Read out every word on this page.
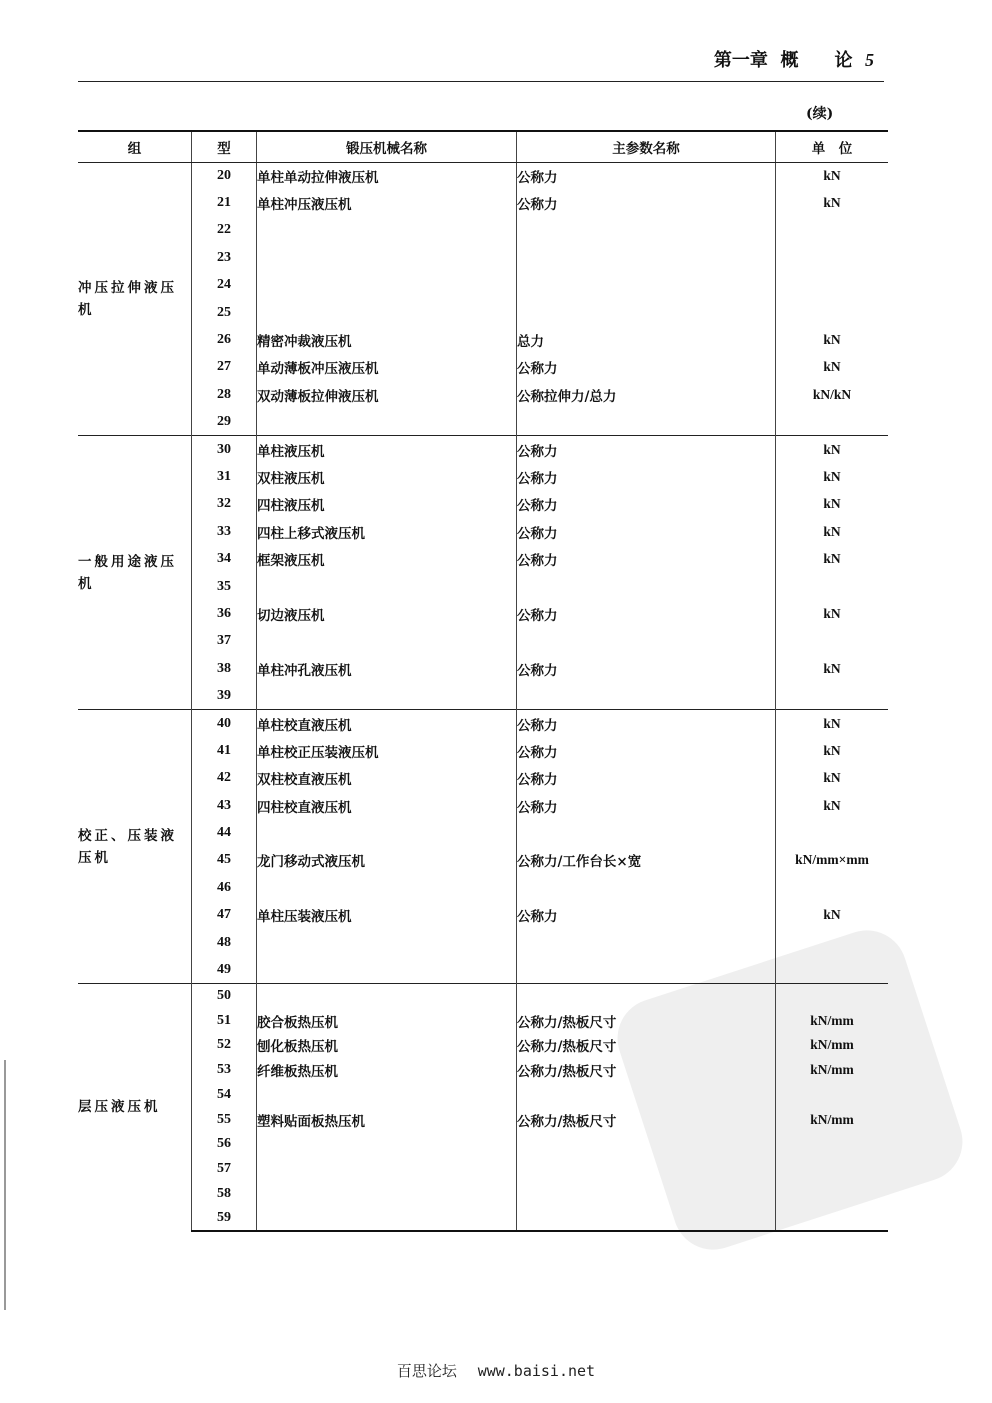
第一章 概　　论 5
(续)
组	型	锻压机械名称	主参数名称	单　位

冲压拉伸液压机	20	单柱单动拉伸液压机	公称力	kN
	21	单柱冲压液压机	公称力	kN
	22			
	23			
	24			
	25			
	26	精密冲裁液压机	总力	kN
	27	单动薄板冲压液压机	公称力	kN
	28	双动薄板拉伸液压机	公称拉伸力/总力	kN/kN
	29			

一般用途液压机	30	单柱液压机	公称力	kN
	31	双柱液压机	公称力	kN
	32	四柱液压机	公称力	kN
	33	四柱上移式液压机	公称力	kN
	34	框架液压机	公称力	kN
	35			
	36	切边液压机	公称力	kN
	37			
	38	单柱冲孔液压机	公称力	kN
	39			

校正、压装液压机	40	单柱校直液压机	公称力	kN
	41	单柱校正压装液压机	公称力	kN
	42	双柱校直液压机	公称力	kN
	43	四柱校直液压机	公称力	kN
	44			
	45	龙门移动式液压机	公称力/工作台长×宽	kN/mm×mm
	46			
	47	单柱压装液压机	公称力	kN
	48			
	49			

层压液压机	50			
	51	胶合板热压机	公称力/热板尺寸	kN/mm
	52	刨化板热压机	公称力/热板尺寸	kN/mm
	53	纤维板热压机	公称力/热板尺寸	kN/mm
	54			
	55	塑料贴面板热压机	公称力/热板尺寸	kN/mm
	56			
	57			
	58			
	59			
百思论坛 www.baisi.net
